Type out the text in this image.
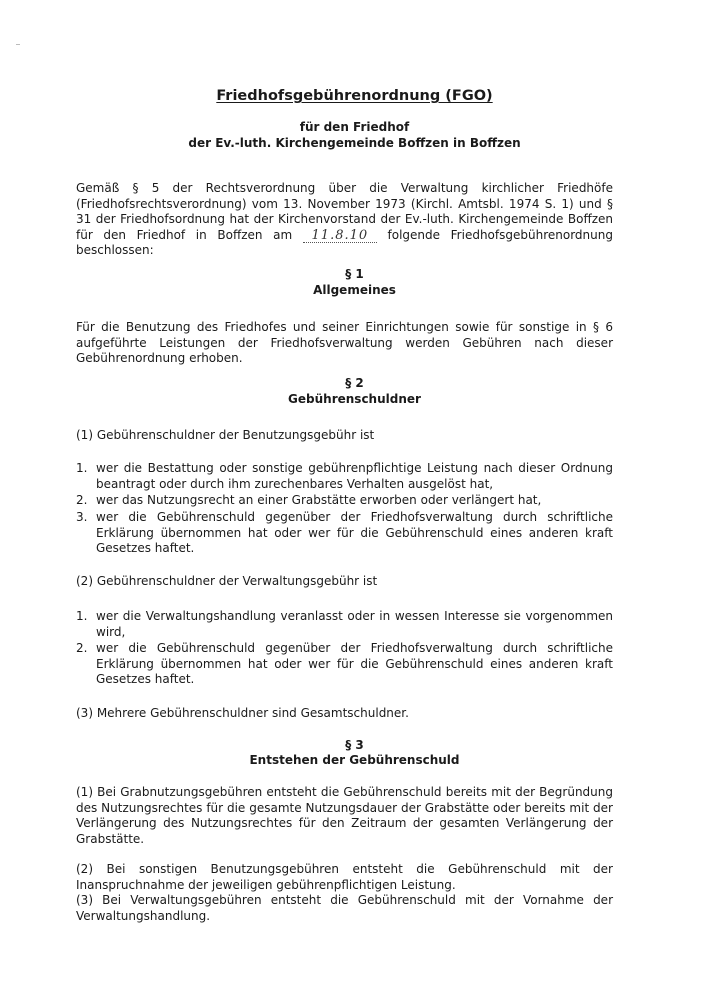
Friedhofsgebührenordnung (FGO)
für den Friedhof
der Ev.-luth. Kirchengemeinde Boffzen in Boffzen
Gemäß § 5 der Rechtsverordnung über die Verwaltung kirchlicher Friedhöfe (Friedhofsrechtsverordnung) vom 13. November 1973 (Kirchl. Amtsbl. 1974 S. 1) und § 31 der Friedhofsordnung hat der Kirchenvorstand der Ev.-luth. Kirchengemeinde Boffzen für den Friedhof in Boffzen am 11.8.10 folgende Friedhofsgebührenordnung beschlossen:
§ 1
Allgemeines
Für die Benutzung des Friedhofes und seiner Einrichtungen sowie für sonstige in § 6 aufgeführte Leistungen der Friedhofsverwaltung werden Gebühren nach dieser Gebührenordnung erhoben.
§ 2
Gebührenschuldner
(1) Gebührenschuldner der Benutzungsgebühr ist
1. wer die Bestattung oder sonstige gebührenpflichtige Leistung nach dieser Ordnung beantragt oder durch ihm zurechenbares Verhalten ausgelöst hat,
2. wer das Nutzungsrecht an einer Grabstätte erworben oder verlängert hat,
3. wer die Gebührenschuld gegenüber der Friedhofsverwaltung durch schriftliche Erklärung übernommen hat oder wer für die Gebührenschuld eines anderen kraft Gesetzes haftet.
(2) Gebührenschuldner der Verwaltungsgebühr ist
1. wer die Verwaltungshandlung veranlasst oder in wessen Interesse sie vorgenommen wird,
2. wer die Gebührenschuld gegenüber der Friedhofsverwaltung durch schriftliche Erklärung übernommen hat oder wer für die Gebührenschuld eines anderen kraft Gesetzes haftet.
(3) Mehrere Gebührenschuldner sind Gesamtschuldner.
§ 3
Entstehen der Gebührenschuld
(1) Bei Grabnutzungsgebühren entsteht die Gebührenschuld bereits mit der Begründung des Nutzungsrechtes für die gesamte Nutzungsdauer der Grabstätte oder bereits mit der Verlängerung des Nutzungsrechtes für den Zeitraum der gesamten Verlängerung der Grabstätte.
(2) Bei sonstigen Benutzungsgebühren entsteht die Gebührenschuld mit der Inanspruchnahme der jeweiligen gebührenpflichtigen Leistung.
(3) Bei Verwaltungsgebühren entsteht die Gebührenschuld mit der Vornahme der Verwaltungshandlung.
